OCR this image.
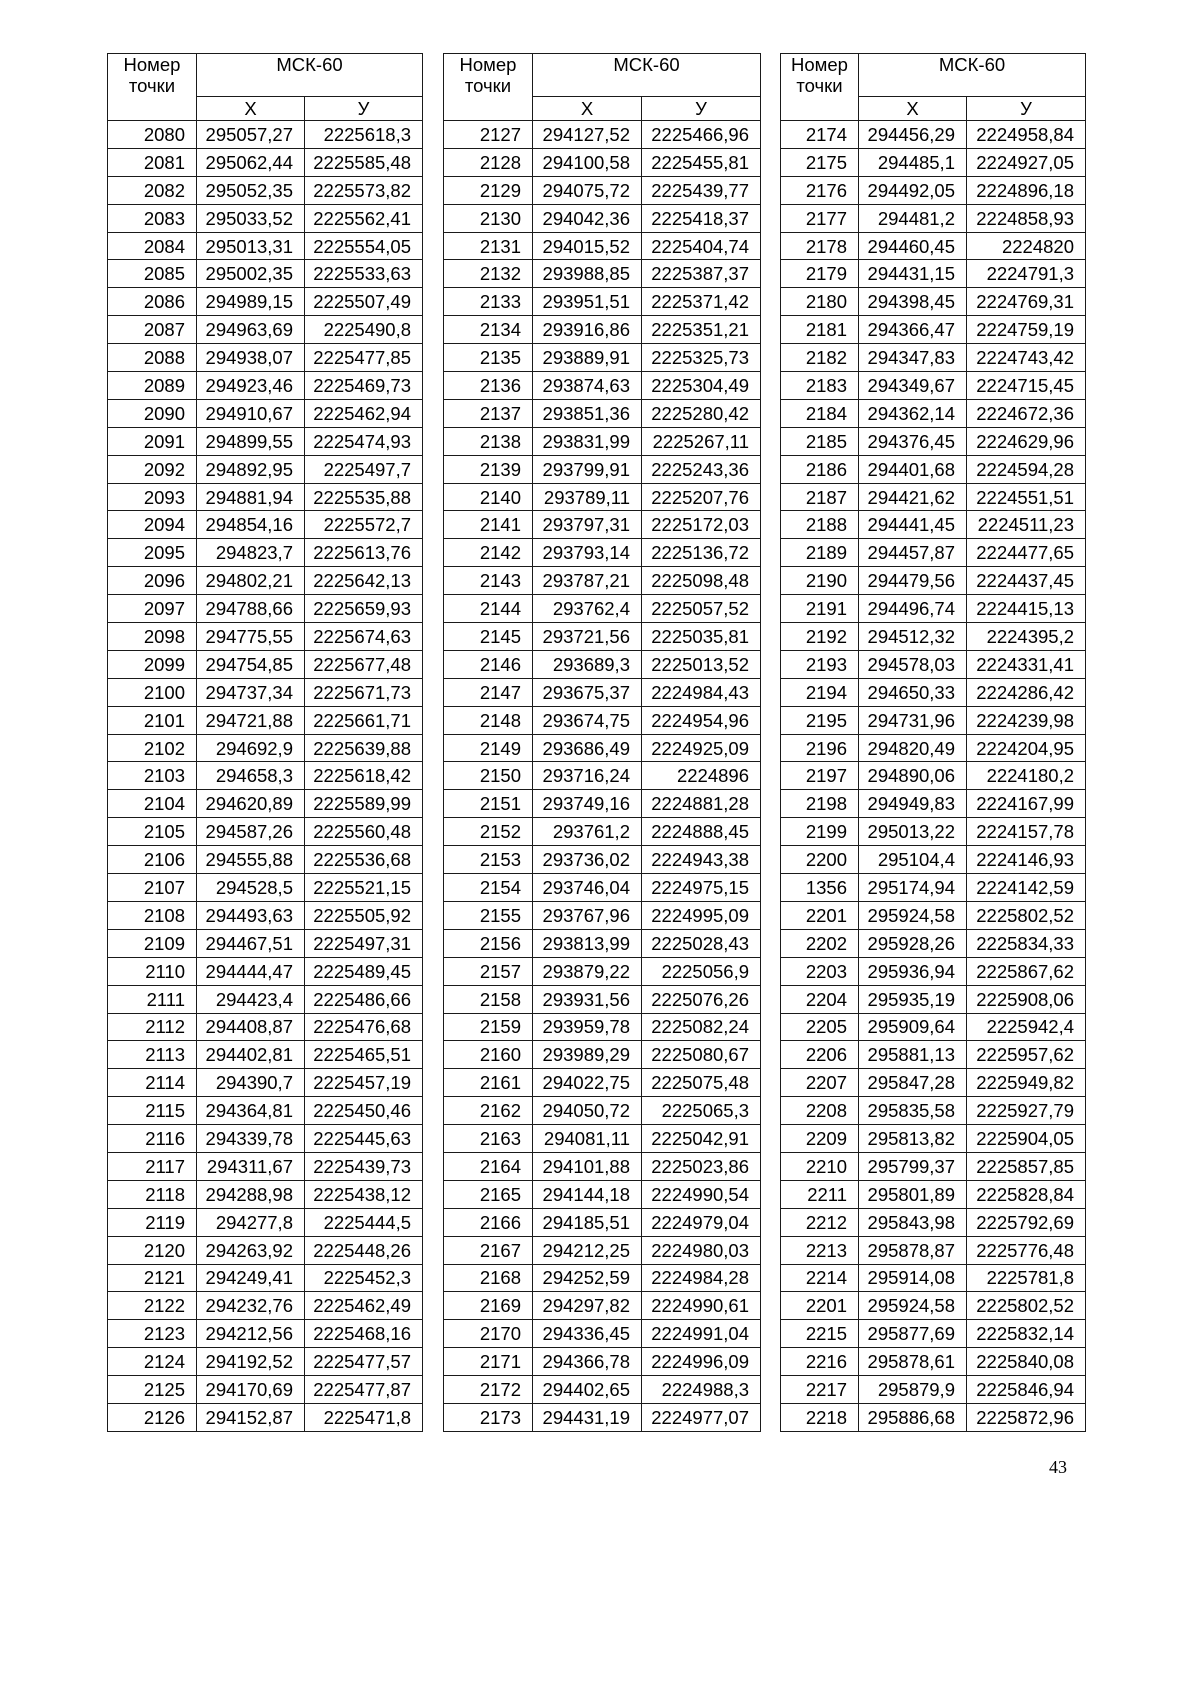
Номер точки	МСК-60	
	Х	У
2080	295057,27	2225618,3
2081	295062,44	2225585,48
2082	295052,35	2225573,82
2083	295033,52	2225562,41
2084	295013,31	2225554,05
2085	295002,35	2225533,63
2086	294989,15	2225507,49
2087	294963,69	2225490,8
2088	294938,07	2225477,85
2089	294923,46	2225469,73
2090	294910,67	2225462,94
2091	294899,55	2225474,93
2092	294892,95	2225497,7
2093	294881,94	2225535,88
2094	294854,16	2225572,7
2095	294823,7	2225613,76
2096	294802,21	2225642,13
2097	294788,66	2225659,93
2098	294775,55	2225674,63
2099	294754,85	2225677,48
2100	294737,34	2225671,73
2101	294721,88	2225661,71
2102	294692,9	2225639,88
2103	294658,3	2225618,42
2104	294620,89	2225589,99
2105	294587,26	2225560,48
2106	294555,88	2225536,68
2107	294528,5	2225521,15
2108	294493,63	2225505,92
2109	294467,51	2225497,31
2110	294444,47	2225489,45
2111	294423,4	2225486,66
2112	294408,87	2225476,68
2113	294402,81	2225465,51
2114	294390,7	2225457,19
2115	294364,81	2225450,46
2116	294339,78	2225445,63
2117	294311,67	2225439,73
2118	294288,98	2225438,12
2119	294277,8	2225444,5
2120	294263,92	2225448,26
2121	294249,41	2225452,3
2122	294232,76	2225462,49
2123	294212,56	2225468,16
2124	294192,52	2225477,57
2125	294170,69	2225477,87
2126	294152,87	2225471,8
Номер точки	МСК-60	
	Х	У
2127	294127,52	2225466,96
2128	294100,58	2225455,81
2129	294075,72	2225439,77
2130	294042,36	2225418,37
2131	294015,52	2225404,74
2132	293988,85	2225387,37
2133	293951,51	2225371,42
2134	293916,86	2225351,21
2135	293889,91	2225325,73
2136	293874,63	2225304,49
2137	293851,36	2225280,42
2138	293831,99	2225267,11
2139	293799,91	2225243,36
2140	293789,11	2225207,76
2141	293797,31	2225172,03
2142	293793,14	2225136,72
2143	293787,21	2225098,48
2144	293762,4	2225057,52
2145	293721,56	2225035,81
2146	293689,3	2225013,52
2147	293675,37	2224984,43
2148	293674,75	2224954,96
2149	293686,49	2224925,09
2150	293716,24	2224896
2151	293749,16	2224881,28
2152	293761,2	2224888,45
2153	293736,02	2224943,38
2154	293746,04	2224975,15
2155	293767,96	2224995,09
2156	293813,99	2225028,43
2157	293879,22	2225056,9
2158	293931,56	2225076,26
2159	293959,78	2225082,24
2160	293989,29	2225080,67
2161	294022,75	2225075,48
2162	294050,72	2225065,3
2163	294081,11	2225042,91
2164	294101,88	2225023,86
2165	294144,18	2224990,54
2166	294185,51	2224979,04
2167	294212,25	2224980,03
2168	294252,59	2224984,28
2169	294297,82	2224990,61
2170	294336,45	2224991,04
2171	294366,78	2224996,09
2172	294402,65	2224988,3
2173	294431,19	2224977,07
Номер точки	МСК-60	
	Х	У
2174	294456,29	2224958,84
2175	294485,1	2224927,05
2176	294492,05	2224896,18
2177	294481,2	2224858,93
2178	294460,45	2224820
2179	294431,15	2224791,3
2180	294398,45	2224769,31
2181	294366,47	2224759,19
2182	294347,83	2224743,42
2183	294349,67	2224715,45
2184	294362,14	2224672,36
2185	294376,45	2224629,96
2186	294401,68	2224594,28
2187	294421,62	2224551,51
2188	294441,45	2224511,23
2189	294457,87	2224477,65
2190	294479,56	2224437,45
2191	294496,74	2224415,13
2192	294512,32	2224395,2
2193	294578,03	2224331,41
2194	294650,33	2224286,42
2195	294731,96	2224239,98
2196	294820,49	2224204,95
2197	294890,06	2224180,2
2198	294949,83	2224167,99
2199	295013,22	2224157,78
2200	295104,4	2224146,93
1356	295174,94	2224142,59
2201	295924,58	2225802,52
2202	295928,26	2225834,33
2203	295936,94	2225867,62
2204	295935,19	2225908,06
2205	295909,64	2225942,4
2206	295881,13	2225957,62
2207	295847,28	2225949,82
2208	295835,58	2225927,79
2209	295813,82	2225904,05
2210	295799,37	2225857,85
2211	295801,89	2225828,84
2212	295843,98	2225792,69
2213	295878,87	2225776,48
2214	295914,08	2225781,8
2201	295924,58	2225802,52
2215	295877,69	2225832,14
2216	295878,61	2225840,08
2217	295879,9	2225846,94
2218	295886,68	2225872,96
43
